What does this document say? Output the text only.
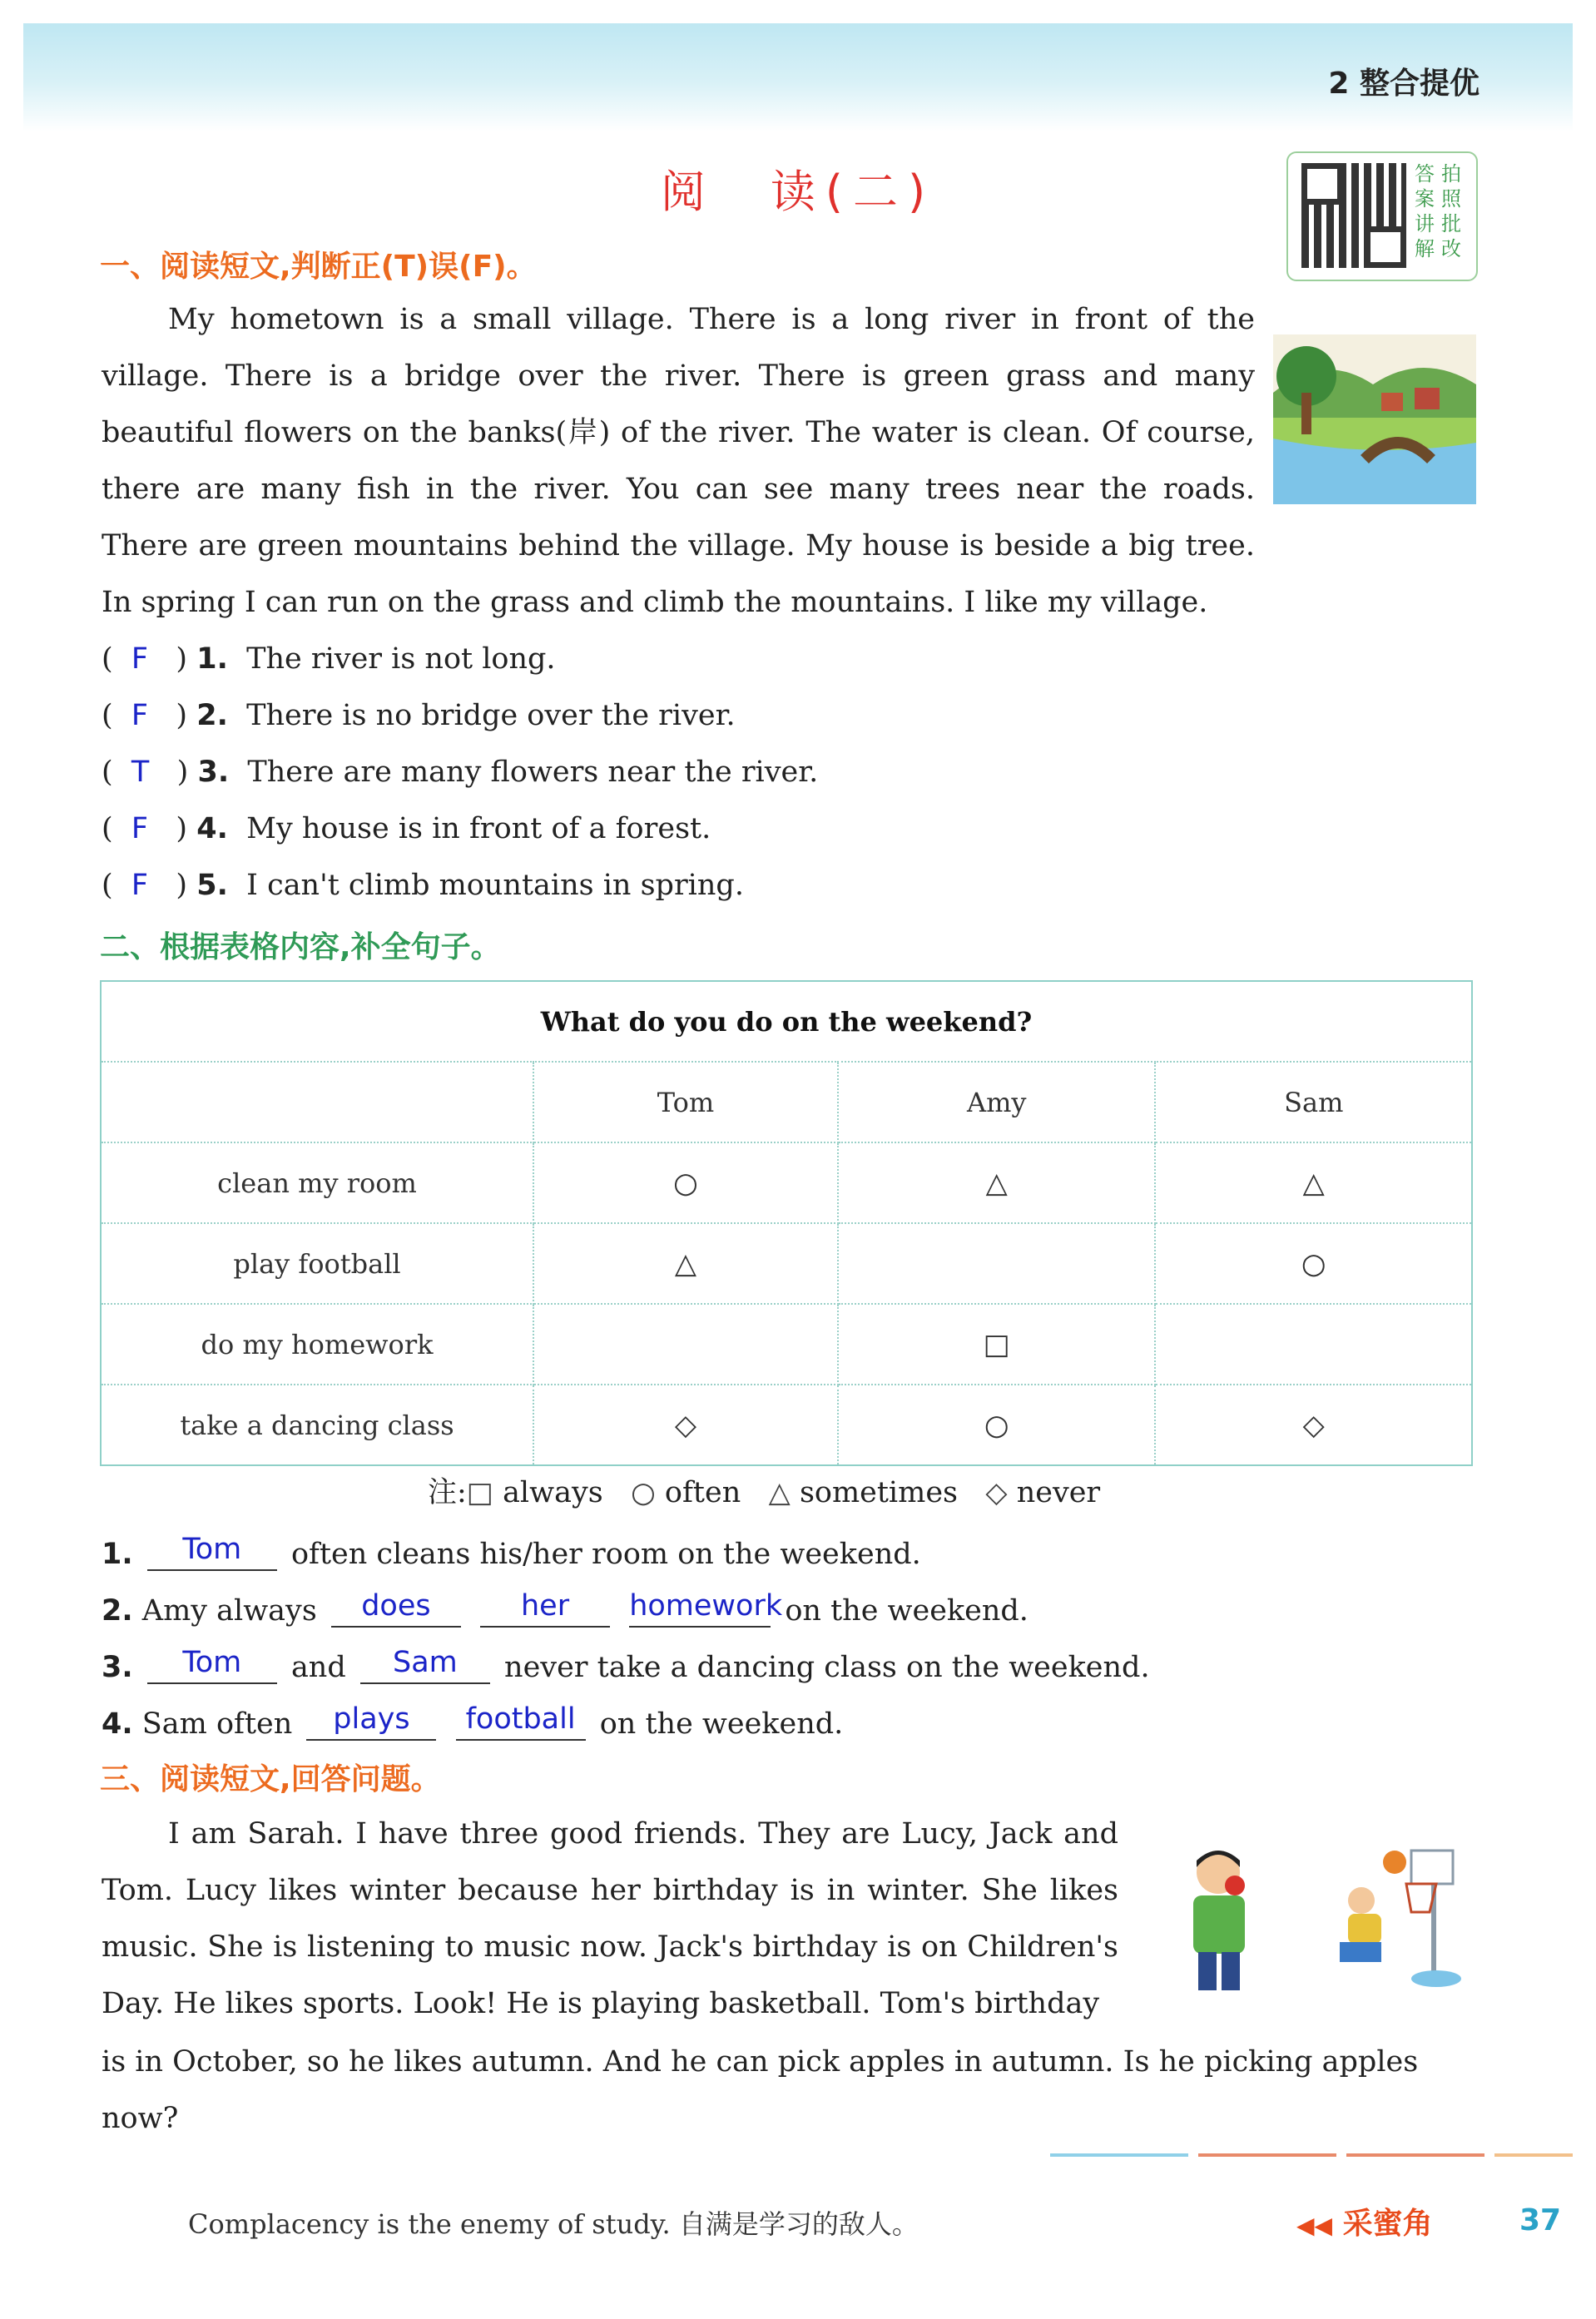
2 整合提优
阅　读(二)	答案讲解
拍照批改
一、阅读短文,判断正(T)误(F)。

My hometown is a small village. There is a long river in front of the village. There is a bridge over the river. There is green grass and many beautiful flowers on the banks(岸) of the river. The water is clean. Of course, there are many fish in the river. You can see many trees near the roads. There are green mountains behind the village. My house is beside a big tree. In spring I can run on the grass and climb the mountains. I like my village.

(  F   ) 1. The river is not long.
(  F   ) 2. There is no bridge over the river.
(  T   ) 3. There are many flowers near the river.
(  F   ) 4. My house is in front of a forest.
(  F   ) 5. I can't climb mountains in spring.
二、根据表格内容,补全句子。
What do you do on the weekend?			
	Tom	Amy	Sam
clean my room	○	△	△
play football	△		○
do my homework		□	
take a dancing class	◇	○	◇
注:□ always ○ often △ sometimes ◇ never
1. Tom often cleans his/her room on the weekend.
2. Amy always does	her homework on the weekend.
3. Tom and Sam never take a dancing class on the weekend.
4. Sam often plays football on the weekend.
三、阅读短文,回答问题。

I am Sarah. I have three good friends. They are Lucy, Jack and Tom. Lucy likes winter because her birthday is in winter. She likes music. She is listening to music now. Jack's birthday is on Children's Day. He likes sports. Look! He is playing basketball. Tom's birthday

is in October, so he likes autumn. And he can pick apples in autumn. Is he picking apples now?

Complacency is the enemy of study. 自满是学习的敌人。	◀◀ 采蜜角	37
